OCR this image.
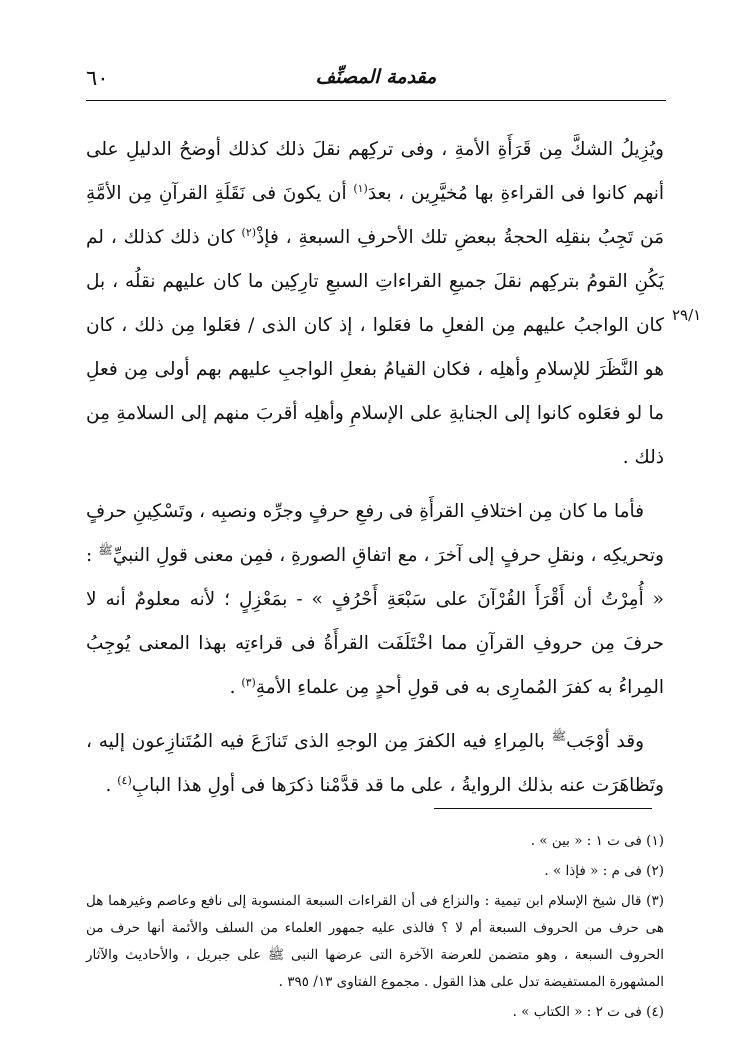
٦٠	مقدمة المصنِّف
٢٩/١

ويُزِيلُ الشكَّ مِن قَرَأَةِ الأمةِ ، وفى تركِهم نقلَ ذلك كذلك أوضحُ الدليلِ على أنهم كانوا فى القراءةِ بها مُخيَّرِين ، بعدَ$^{(١)}$ أن يكونَ فى نَقَلَةِ القرآنِ مِن الأمَّةِ مَن تَجِبُ بنقلِه الحجةُ ببعضِ تلك الأحرفِ السبعةِ ، فإذْ$^{(٢)}$ كان ذلك كذلك ، لم يَكُنِ القومُ بتركِهم نقلَ جميعِ القراءاتِ السبعِ تارِكِين ما كان عليهم نقلُه ، بل كان الواجبُ عليهم مِن الفعلِ ما فعَلوا ، إذ كان الذى / فعَلوا مِن ذلك ، كان هو النَّظَرَ للإسلامِ وأهلِه ، فكان القيامُ بفعلِ الواجبِ عليهم بهم أولى مِن فعلِ ما لو فعَلوه كانوا إلى الجنايةِ على الإسلامِ وأهلِه أقربَ منهم إلى السلامةِ مِن ذلك .

فأما ما كان مِن اختلافِ القرأَةِ فى رفعِ حرفٍ وجرِّه ونصبِه ، وتَسْكِينِ حرفٍ وتحريكِه ، ونقلِ حرفٍ إلى آخرَ ، مع اتفاقِ الصورةِ ، فمِن معنى قولِ النبيِّ$^ﷺ$ : « أُمِرْتُ أن أَقْرَأَ القُرْآنَ على سَبْعَةِ أَحْرُفٍ » - بمَعْزِلٍ ؛ لأنه معلومٌ أنه لا حرفَ مِن حروفِ القرآنِ مما اخْتَلَفَت القرأَةُ فى قراءتِه بهذا المعنى يُوجِبُ المِراءُ به كفرَ المُمارِى به فى قولِ أحدٍ مِن علماءِ الأمةِ$^{(٣)}$ .

وقد أوْجَب$^ﷺ$ بالمِراءِ فيه الكفرَ مِن الوجهِ الذى تَنازَعَ فيه المُتَنازِعون إليه ، وتَظاهَرَت عنه بذلك الروايةُ ، على ما قد قدَّمْنا ذكرَها فى أولِ هذا البابِ$^{(٤)}$ .

(١) فى ت ١ : « بين » .

(٢) فى م : « فإذا » .

(٣) قال شيخ الإسلام ابن تيمية : والنزاع فى أن القراءات السبعة المنسوبة إلى نافع وعاصم وغيرهما هل هى حرف من الحروف السبعة أم لا ؟ فالذى عليه جمهور العلماء من السلف والأئمة أنها حرف من الحروف السبعة ، وهو متضمن للعرضة الآخرة التى عرضها النبى ﷺ على جبريل ، والأحاديث والآثار المشهورة المستفيضة تدل على هذا القول . مجموع الفتاوى ١٣/ ٣٩٥ .

(٤) فى ت ٢ : « الكتاب » .
